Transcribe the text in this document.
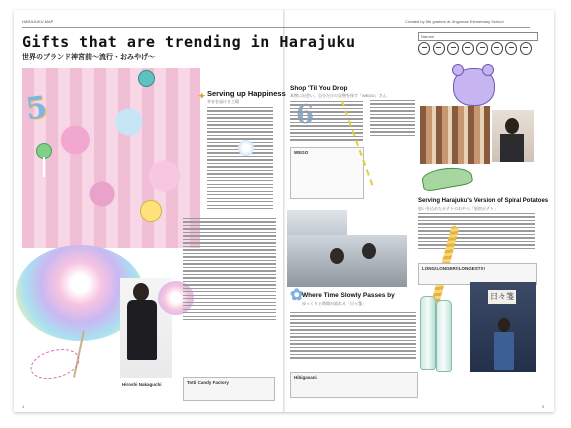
HARAJUKU MAP	Created by 5th graders at Jingumae Elementary School
Narumi
Gifts that are trending in Harajuku
世界のブランド神宮前〜流行・おみやげ〜
5
Hiroshi Nakaguchi
✦ Serving up Happiness
幸せを届ける工場
Totti Candy Factory
4
Shop 'Til You Drop
本物に出会い、自分だけの宝物を探す「WEGO」さん
WEGO
Serving Harajuku's Version of Spiral Potatoes
思いを込めたポテトのおやつ「原宿ポテト」
LONG!LONGER!!LONGEST!!!
✿
Where Time Slowly Passes by
ゆっくりと時間が流れる「日々箋」
Hibigasani
日々箋
5
